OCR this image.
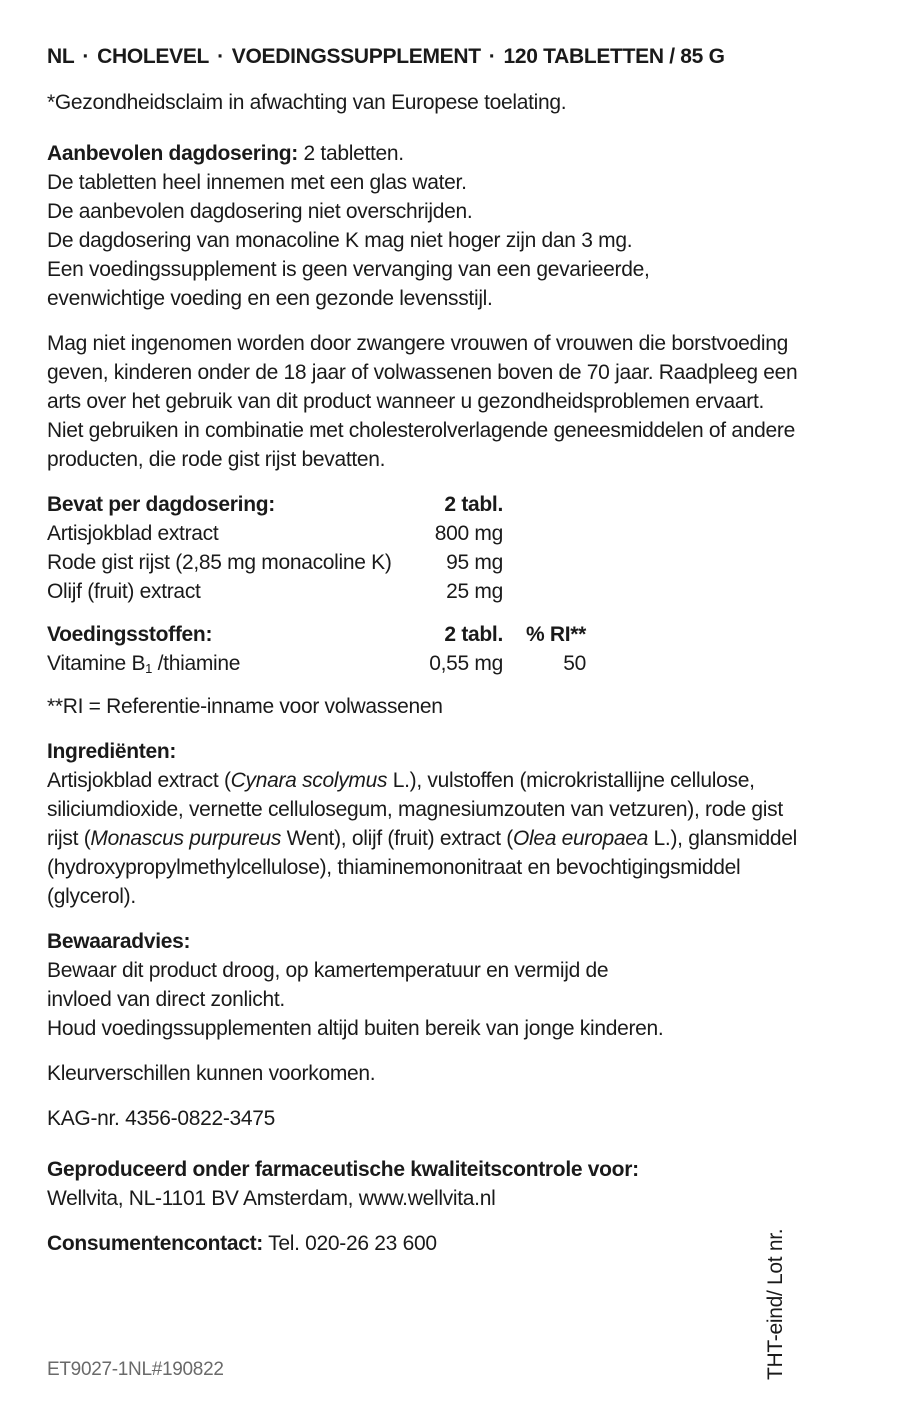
NL · CHOLEVEL · VOEDINGSSUPPLEMENT · 120 TABLETTEN / 85 G
*Gezondheidsclaim in afwachting van Europese toelating.
Aanbevolen dagdosering: 2 tabletten.
De tabletten heel innemen met een glas water.
De aanbevolen dagdosering niet overschrijden.
De dagdosering van monacoline K mag niet hoger zijn dan 3 mg.
Een voedingssupplement is geen vervanging van een gevarieerde,
evenwichtige voeding en een gezonde levensstijl.
Mag niet ingenomen worden door zwangere vrouwen of vrouwen die borstvoeding
geven, kinderen onder de 18 jaar of volwassenen boven de 70 jaar. Raadpleeg een
arts over het gebruik van dit product wanneer u gezondheidsproblemen ervaart.
Niet gebruiken in combinatie met cholesterolverlagende geneesmiddelen of andere
producten, die rode gist rijst bevatten.
Bevat per dagdosering:	2 tabl.
Artisjokblad extract	800 mg
Rode gist rijst (2,85 mg monacoline K)	95 mg
Olijf (fruit) extract	25 mg
Voedingsstoffen:	2 tabl.	% RI**
Vitamine $B_1$ /thiamine	0,55 mg	50
**RI = Referentie-inname voor volwassenen
Ingrediënten:
Artisjokblad extract (Cynara scolymus L.), vulstoffen (microkristallijne cellulose,
siliciumdioxide, vernette cellulosegum, magnesiumzouten van vetzuren), rode gist
rijst (Monascus purpureus Went), olijf (fruit) extract (Olea europaea L.), glansmiddel
(hydroxypropylmethylcellulose), thiaminemononitraat en bevochtigingsmiddel
(glycerol).
Bewaaradvies:
Bewaar dit product droog, op kamertemperatuur en vermijd de
invloed van direct zonlicht.
Houd voedingssupplementen altijd buiten bereik van jonge kinderen.
Kleurverschillen kunnen voorkomen.
KAG-nr. 4356-0822-3475
Geproduceerd onder farmaceutische kwaliteitscontrole voor:
Wellvita, NL-1101 BV Amsterdam, www.wellvita.nl
Consumentencontact: Tel. 020-26 23 600
ET9027-1NL#190822	THT-eind/ Lot nr.
